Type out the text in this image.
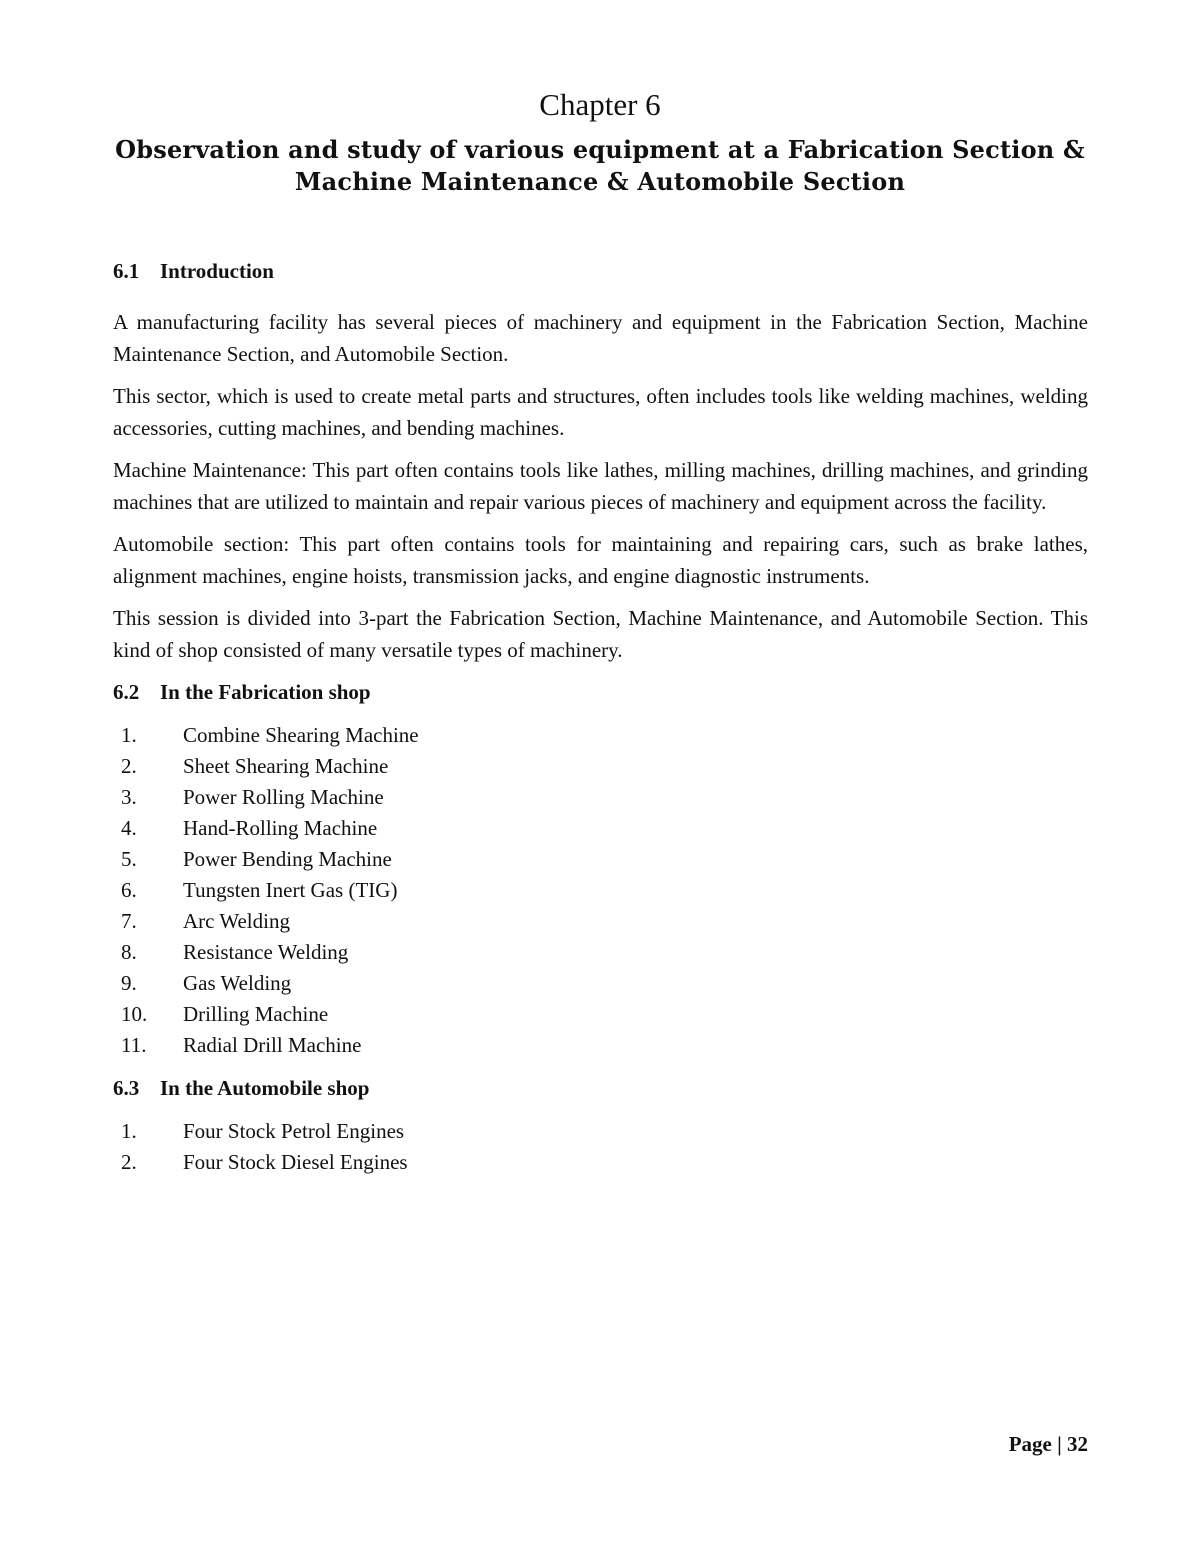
Chapter 6
Observation and study of various equipment at a Fabrication Section &
Machine Maintenance & Automobile Section
6.1 Introduction

A manufacturing facility has several pieces of machinery and equipment in the Fabrication Section, Machine Maintenance Section, and Automobile Section.

This sector, which is used to create metal parts and structures, often includes tools like welding machines, welding accessories, cutting machines, and bending machines.

Machine Maintenance: This part often contains tools like lathes, milling machines, drilling machines, and grinding machines that are utilized to maintain and repair various pieces of machinery and equipment across the facility.

Automobile section: This part often contains tools for maintaining and repairing cars, such as brake lathes, alignment machines, engine hoists, transmission jacks, and engine diagnostic instruments.

This session is divided into 3-part the Fabrication Section, Machine Maintenance, and Automobile Section. This kind of shop consisted of many versatile types of machinery.

6.2 In the Fabrication shop
1.	Combine Shearing Machine
2.	Sheet Shearing Machine
3.	Power Rolling Machine
4.	Hand-Rolling Machine
5.	Power Bending Machine
6.	Tungsten Inert Gas (TIG)
7.	Arc Welding
8.	Resistance Welding
9.	Gas Welding
10.	Drilling Machine
11.	Radial Drill Machine
6.3 In the Automobile shop
1.	Four Stock Petrol Engines
2.	Four Stock Diesel Engines
Page | 32
